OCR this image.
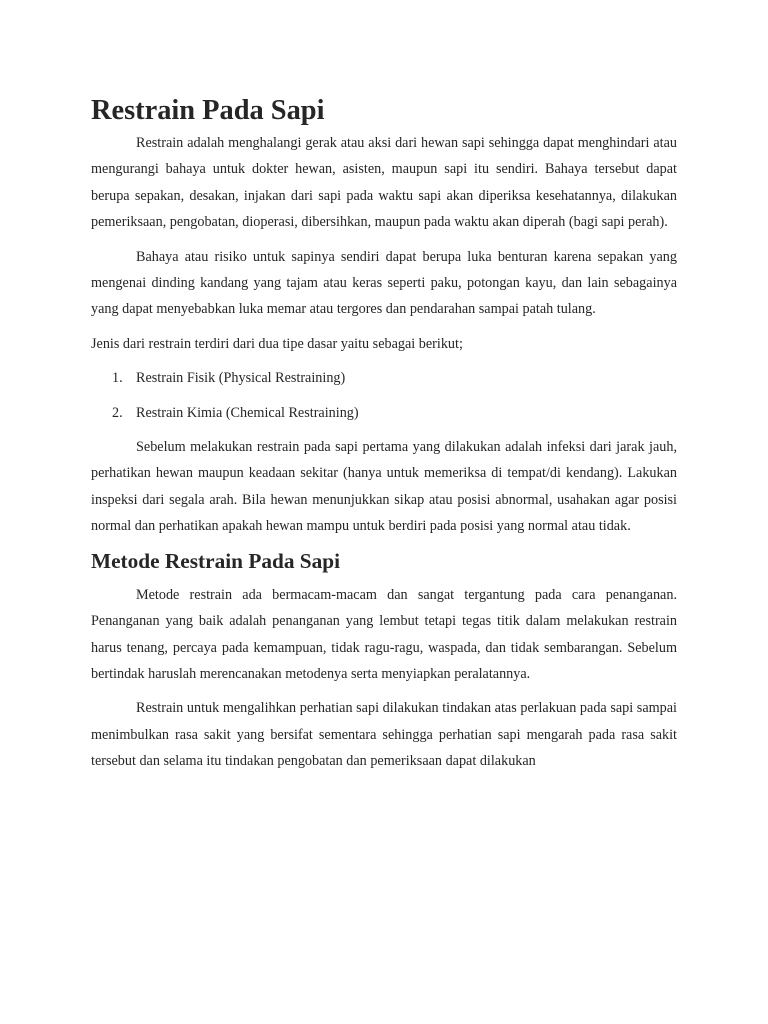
Restrain Pada Sapi

Restrain adalah menghalangi gerak atau aksi dari hewan sapi sehingga dapat menghindari atau mengurangi bahaya untuk dokter hewan, asisten, maupun sapi itu sendiri. Bahaya tersebut dapat berupa sepakan, desakan, injakan dari sapi pada waktu sapi akan diperiksa kesehatannya, dilakukan pemeriksaan, pengobatan, dioperasi, dibersihkan, maupun pada waktu akan diperah (bagi sapi perah).

Bahaya atau risiko untuk sapinya sendiri dapat berupa luka benturan karena sepakan yang mengenai dinding kandang yang tajam atau keras seperti paku, potongan kayu, dan lain sebagainya yang dapat menyebabkan luka memar atau tergores dan pendarahan sampai patah tulang.

Jenis dari restrain terdiri dari dua tipe dasar yaitu sebagai berikut;

1. Restrain Fisik (Physical Restraining)
2. Restrain Kimia (Chemical Restraining)

Sebelum melakukan restrain pada sapi pertama yang dilakukan adalah infeksi dari jarak jauh, perhatikan hewan maupun keadaan sekitar (hanya untuk memeriksa di tempat/di kendang). Lakukan inspeksi dari segala arah. Bila hewan menunjukkan sikap atau posisi abnormal, usahakan agar posisi normal dan perhatikan apakah hewan mampu untuk berdiri pada posisi yang normal atau tidak.

Metode Restrain Pada Sapi

Metode restrain ada bermacam-macam dan sangat tergantung pada cara penanganan. Penanganan yang baik adalah penanganan yang lembut tetapi tegas titik dalam melakukan restrain harus tenang, percaya pada kemampuan, tidak ragu-ragu, waspada, dan tidak sembarangan. Sebelum bertindak haruslah merencanakan metodenya serta menyiapkan peralatannya.

Restrain untuk mengalihkan perhatian sapi dilakukan tindakan atas perlakuan pada sapi sampai menimbulkan rasa sakit yang bersifat sementara sehingga perhatian sapi mengarah pada rasa sakit tersebut dan selama itu tindakan pengobatan dan pemeriksaan dapat dilakukan
